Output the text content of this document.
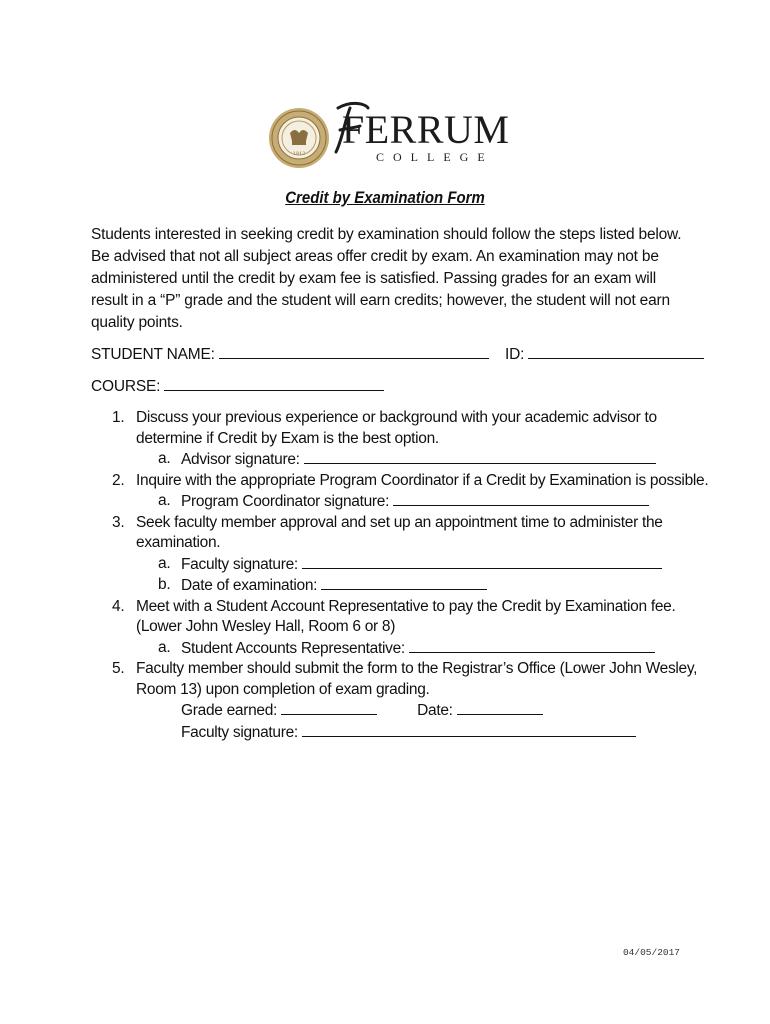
1913
FERRUM
COLLEGE
Credit by Examination Form
Students interested in seeking credit by examination should follow the steps listed below. Be advised that not all subject areas offer credit by exam. An examination may not be administered until the credit by exam fee is satisfied. Passing grades for an exam will result in a “P” grade and the student will earn credits; however, the student will not earn quality points.
STUDENT NAME:	ID:
COURSE:
1. Discuss your previous experience or background with your academic advisor to determine if Credit by Exam is the best option.
a. Advisor signature:
2. Inquire with the appropriate Program Coordinator if a Credit by Examination is possible.
a. Program Coordinator signature:
3. Seek faculty member approval and set up an appointment time to administer the examination.
a. Faculty signature:
b. Date of examination:
4. Meet with a Student Account Representative to pay the Credit by Examination fee. (Lower John Wesley Hall, Room 6 or 8)
a. Student Accounts Representative:
5. Faculty member should submit the form to the Registrar’s Office (Lower John Wesley, Room 13) upon completion of exam grading.
Grade earned:	Date:
Faculty signature:
04/05/2017
